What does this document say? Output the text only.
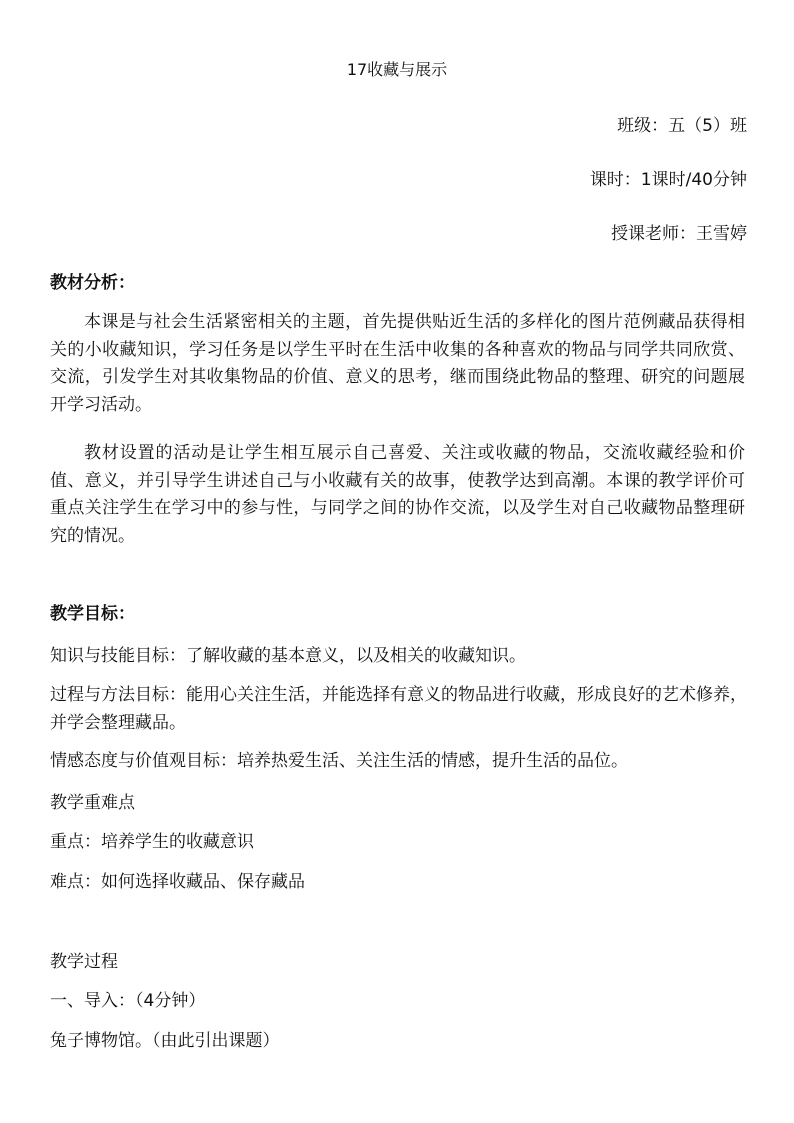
17收藏与展示
班级：五（5）班
课时：1课时/40分钟
授课老师：王雪婷
教材分析：

本课是与社会生活紧密相关的主题，首先提供贴近生活的多样化的图片范例藏品获得相关的小收藏知识，学习任务是以学生平时在生活中收集的各种喜欢的物品与同学共同欣赏、交流，引发学生对其收集物品的价值、意义的思考，继而围绕此物品的整理、研究的问题展开学习活动。

教材设置的活动是让学生相互展示自己喜爱、关注或收藏的物品，交流收藏经验和价值、意义，并引导学生讲述自己与小收藏有关的故事，使教学达到高潮。本课的教学评价可重点关注学生在学习中的参与性，与同学之间的协作交流，以及学生对自己收藏物品整理研究的情况。

教学目标：

知识与技能目标：了解收藏的基本意义，以及相关的收藏知识。

过程与方法目标：能用心关注生活，并能选择有意义的物品进行收藏，形成良好的艺术修养，并学会整理藏品。

情感态度与价值观目标：培养热爱生活、关注生活的情感，提升生活的品位。

教学重难点

重点：培养学生的收藏意识

难点：如何选择收藏品、保存藏品

教学过程

一、导入：（4分钟）

兔子博物馆。（由此引出课题）
